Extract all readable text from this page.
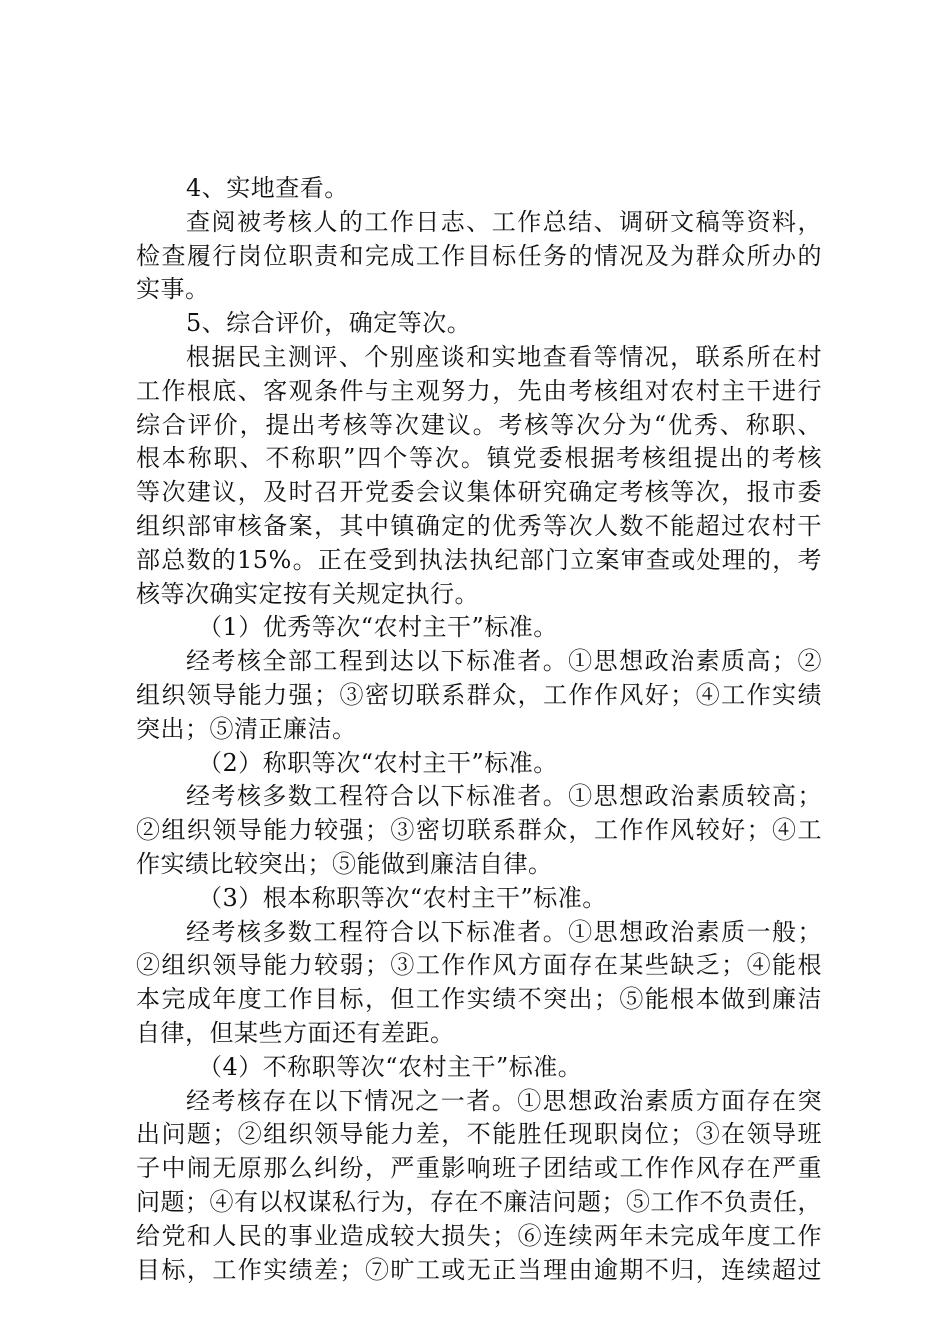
4、实地查看。
查阅被考核人的工作日志、工作总结、调研文稿等资料，
检查履行岗位职责和完成工作目标任务的情况及为群众所办的
实事。
5、综合评价，确定等次。
根据民主测评、个别座谈和实地查看等情况，联系所在村
工作根底、客观条件与主观努力，先由考核组对农村主干进行
综合评价，提出考核等次建议。考核等次分为“优秀、称职、
根本称职、不称职”四个等次。镇党委根据考核组提出的考核
等次建议，及时召开党委会议集体研究确定考核等次，报市委
组织部审核备案，其中镇确定的优秀等次人数不能超过农村干
部总数的15%。正在受到执法执纪部门立案审查或处理的，考
核等次确实定按有关规定执行。
（1）优秀等次“农村主干”标准。
经考核全部工程到达以下标准者。①思想政治素质高；②
组织领导能力强；③密切联系群众，工作作风好；④工作实绩
突出；⑤清正廉洁。
（2）称职等次“农村主干”标准。
经考核多数工程符合以下标准者。①思想政治素质较高；
②组织领导能力较强；③密切联系群众，工作作风较好；④工
作实绩比较突出；⑤能做到廉洁自律。
（3）根本称职等次“农村主干”标准。
经考核多数工程符合以下标准者。①思想政治素质一般；
②组织领导能力较弱；③工作作风方面存在某些缺乏；④能根
本完成年度工作目标，但工作实绩不突出；⑤能根本做到廉洁
自律，但某些方面还有差距。
（4）不称职等次“农村主干”标准。
经考核存在以下情况之一者。①思想政治素质方面存在突
出问题；②组织领导能力差，不能胜任现职岗位；③在领导班
子中闹无原那么纠纷，严重影响班子团结或工作作风存在严重
问题；④有以权谋私行为，存在不廉洁问题；⑤工作不负责任，
给党和人民的事业造成较大损失；⑥连续两年未完成年度工作
目标，工作实绩差；⑦旷工或无正当理由逾期不归，连续超过
